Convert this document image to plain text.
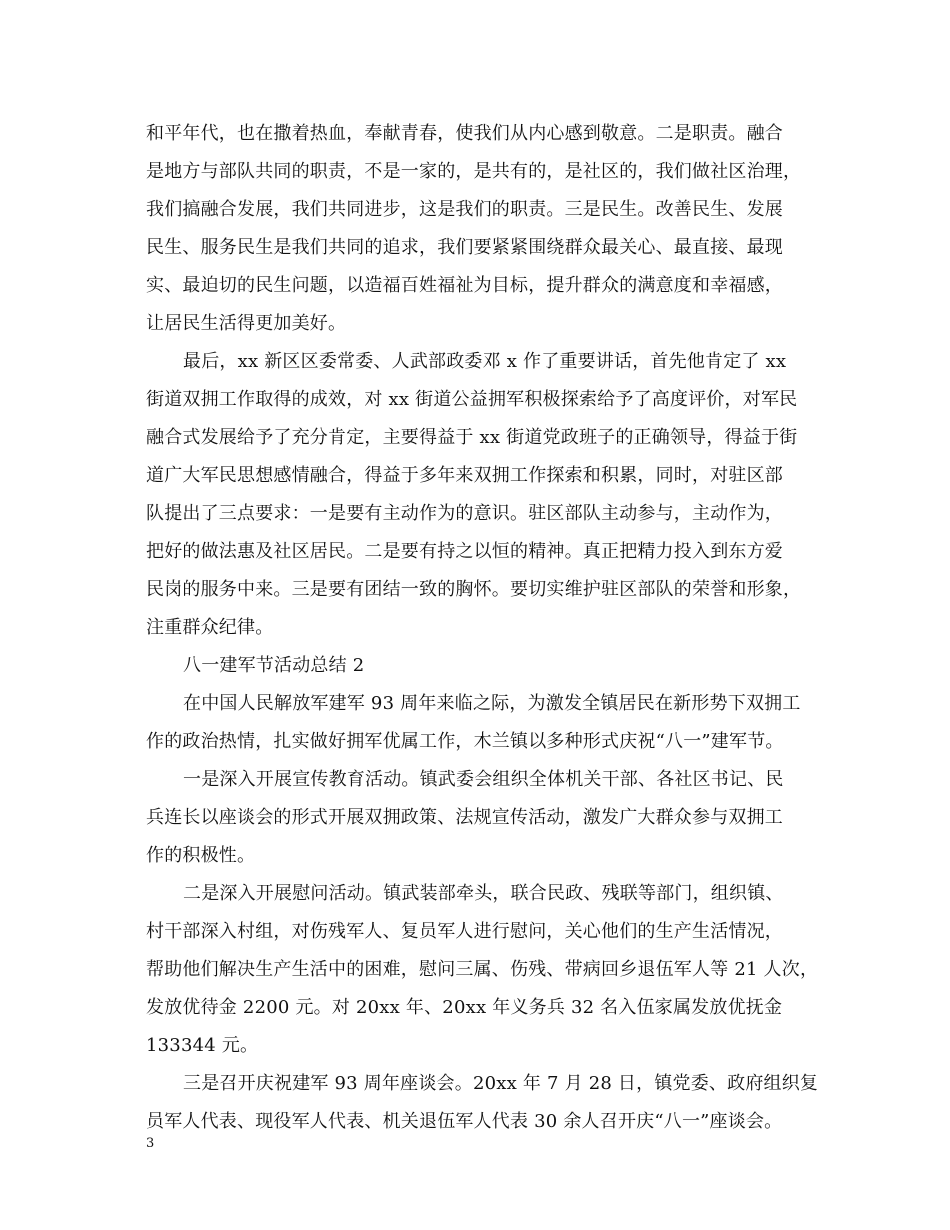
和平年代，也在撒着热血，奉献青春，使我们从内心感到敬意。二是职责。融合
是地方与部队共同的职责，不是一家的，是共有的，是社区的，我们做社区治理，
我们搞融合发展，我们共同进步，这是我们的职责。三是民生。改善民生、发展
民生、服务民生是我们共同的追求，我们要紧紧围绕群众最关心、最直接、最现
实、最迫切的民生问题，以造福百姓福祉为目标，提升群众的满意度和幸福感，
让居民生活得更加美好。
最后，xx 新区区委常委、人武部政委邓 x 作了重要讲话，首先他肯定了 xx
街道双拥工作取得的成效，对 xx 街道公益拥军积极探索给予了高度评价，对军民
融合式发展给予了充分肯定，主要得益于 xx 街道党政班子的正确领导，得益于街
道广大军民思想感情融合，得益于多年来双拥工作探索和积累，同时，对驻区部
队提出了三点要求：一是要有主动作为的意识。驻区部队主动参与，主动作为，
把好的做法惠及社区居民。二是要有持之以恒的精神。真正把精力投入到东方爱
民岗的服务中来。三是要有团结一致的胸怀。要切实维护驻区部队的荣誉和形象，
注重群众纪律。
八一建军节活动总结 2
在中国人民解放军建军 93 周年来临之际，为激发全镇居民在新形势下双拥工
作的政治热情，扎实做好拥军优属工作，木兰镇以多种形式庆祝“八一”建军节。
一是深入开展宣传教育活动。镇武委会组织全体机关干部、各社区书记、民
兵连长以座谈会的形式开展双拥政策、法规宣传活动，激发广大群众参与双拥工
作的积极性。
二是深入开展慰问活动。镇武装部牵头，联合民政、残联等部门，组织镇、
村干部深入村组，对伤残军人、复员军人进行慰问，关心他们的生产生活情况，
帮助他们解决生产生活中的困难，慰问三属、伤残、带病回乡退伍军人等 21 人次，
发放优待金 2200 元。对 20xx 年、20xx 年义务兵 32 名入伍家属发放优抚金
133344 元。
三是召开庆祝建军 93 周年座谈会。20xx 年 7 月 28 日，镇党委、政府组织复
员军人代表、现役军人代表、机关退伍军人代表 30 余人召开庆“八一”座谈会。
3
